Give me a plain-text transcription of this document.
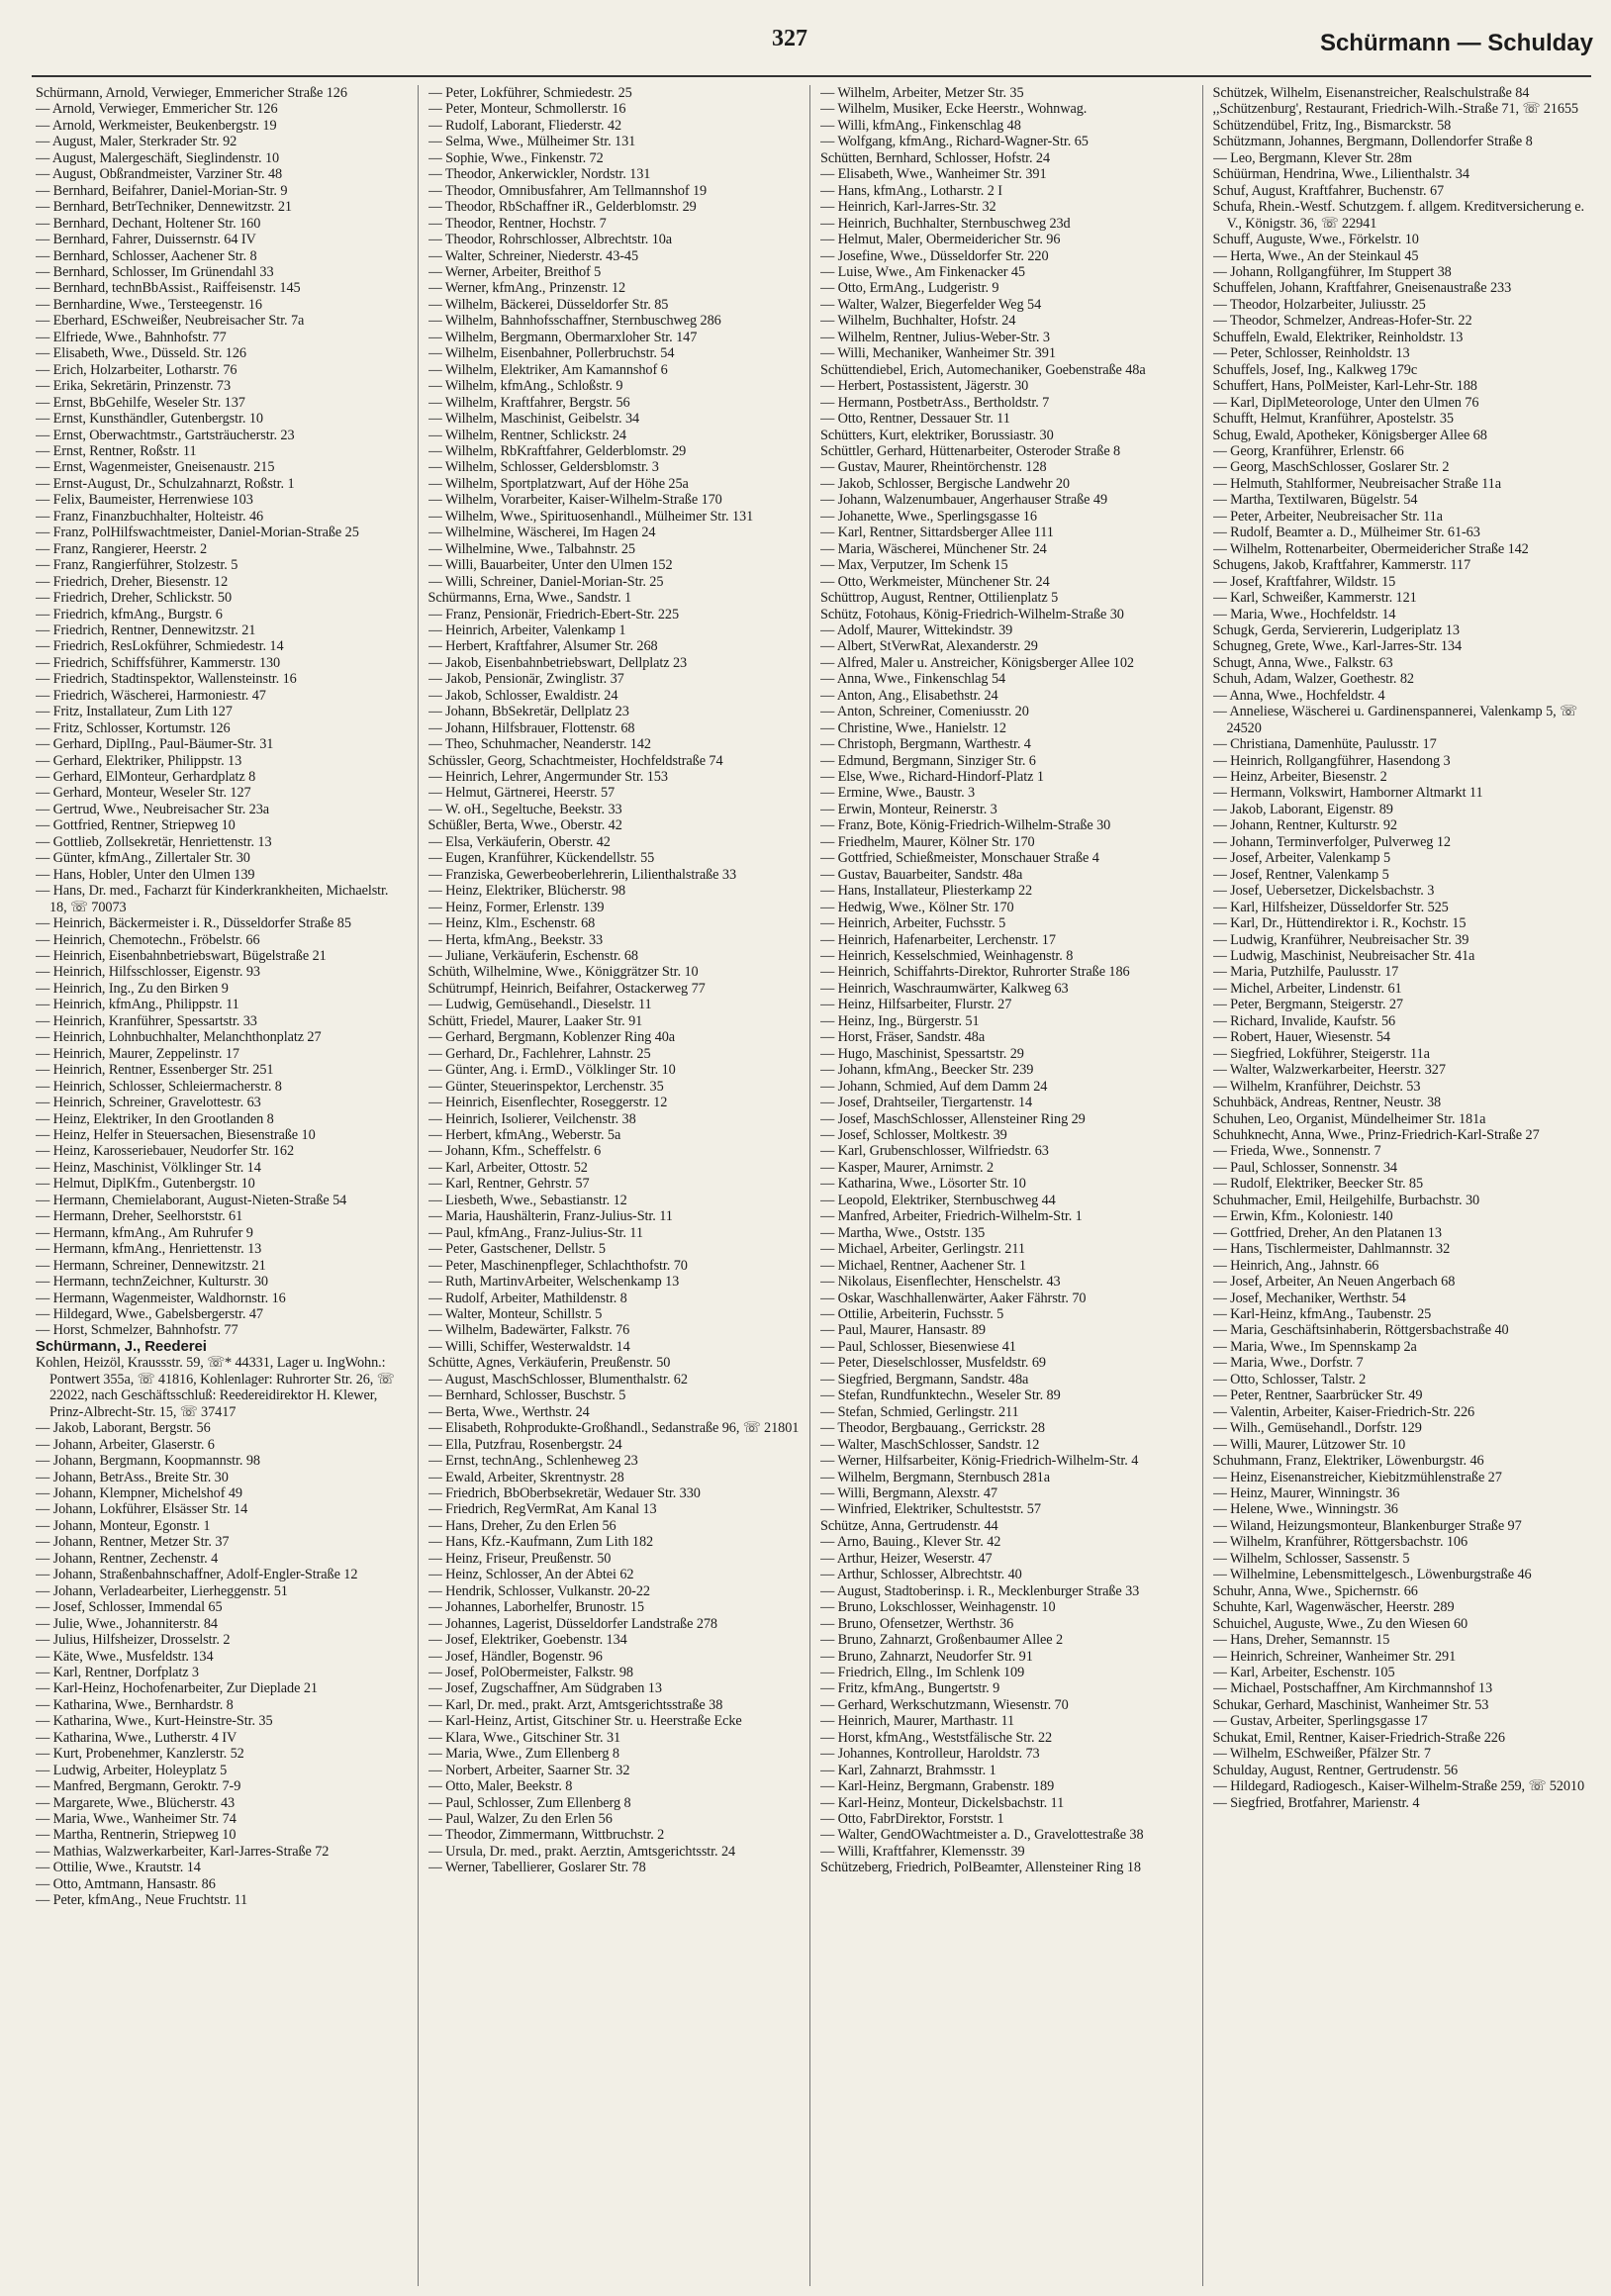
327	Schürmann — Schulday
Schürmann, Arnold, Verwieger, Emmericher Straße 126
— Arnold, Verwieger, Emmericher Str. 126
— Arnold, Werkmeister, Beukenbergstr. 19
— August, Maler, Sterkrader Str. 92
— August, Malergeschäft, Sieglindenstr. 10
— August, Obßrandmeister, Varziner Str. 48
— Bernhard, Beifahrer, Daniel-Morian-Str. 9
— Bernhard, BetrTechniker, Dennewitzstr. 21
— Bernhard, Dechant, Holtener Str. 160
— Bernhard, Fahrer, Duissernstr. 64 IV
— Bernhard, Schlosser, Aachener Str. 8
— Bernhard, Schlosser, Im Grünendahl 33
— Bernhard, technBbAssist., Raiffeisenstr. 145
— Bernhardine, Wwe., Tersteegenstr. 16
— Eberhard, ESchweißer, Neubreisacher Str. 7a
— Elfriede, Wwe., Bahnhofstr. 77
— Elisabeth, Wwe., Düsseld. Str. 126
— Erich, Holzarbeiter, Lotharstr. 76
— Erika, Sekretärin, Prinzenstr. 73
— Ernst, BbGehilfe, Weseler Str. 137
— Ernst, Kunsthändler, Gutenbergstr. 10
— Ernst, Oberwachtmstr., Gartsträucherstr. 23
— Ernst, Rentner, Roßstr. 11
— Ernst, Wagenmeister, Gneisenaustr. 215
— Ernst-August, Dr., Schulzahnarzt, Roßstr. 1
— Felix, Baumeister, Herrenwiese 103
— Franz, Finanzbuchhalter, Holteistr. 46
— Franz, PolHilfswachtmeister, Daniel-Morian-Straße 25
— Franz, Rangierer, Heerstr. 2
— Franz, Rangierführer, Stolzestr. 5
— Friedrich, Dreher, Biesenstr. 12
— Friedrich, Dreher, Schlickstr. 50
— Friedrich, kfmAng., Burgstr. 6
— Friedrich, Rentner, Dennewitzstr. 21
— Friedrich, ResLokführer, Schmiedestr. 14
— Friedrich, Schiffsführer, Kammerstr. 130
— Friedrich, Stadtinspektor, Wallensteinstr. 16
— Friedrich, Wäscherei, Harmoniestr. 47
— Fritz, Installateur, Zum Lith 127
— Fritz, Schlosser, Kortumstr. 126
— Gerhard, DiplIng., Paul-Bäumer-Str. 31
— Gerhard, Elektriker, Philippstr. 13
— Gerhard, ElMonteur, Gerhardplatz 8
— Gerhard, Monteur, Weseler Str. 127
— Gertrud, Wwe., Neubreisacher Str. 23a
— Gottfried, Rentner, Striepweg 10
— Gottlieb, Zollsekretär, Henriettenstr. 13
— Günter, kfmAng., Zillertaler Str. 30
— Hans, Hobler, Unter den Ulmen 139
— Hans, Dr. med., Facharzt für Kinderkrankheiten, Michaelstr. 18, ☏ 70073
— Heinrich, Bäckermeister i. R., Düsseldorfer Straße 85
— Heinrich, Chemotechn., Fröbelstr. 66
— Heinrich, Eisenbahnbetriebswart, Bügelstraße 21
— Heinrich, Hilfsschlosser, Eigenstr. 93
— Heinrich, Ing., Zu den Birken 9
— Heinrich, kfmAng., Philippstr. 11
— Heinrich, Kranführer, Spessartstr. 33
— Heinrich, Lohnbuchhalter, Melanchthonplatz 27
— Heinrich, Maurer, Zeppelinstr. 17
— Heinrich, Rentner, Essenberger Str. 251
— Heinrich, Schlosser, Schleiermacherstr. 8
— Heinrich, Schreiner, Gravelottestr. 63
— Heinz, Elektriker, In den Grootlanden 8
— Heinz, Helfer in Steuersachen, Biesenstraße 10
— Heinz, Karosseriebauer, Neudorfer Str. 162
— Heinz, Maschinist, Völklinger Str. 14
— Helmut, DiplKfm., Gutenbergstr. 10
— Hermann, Chemielaborant, August-Nieten-Straße 54
— Hermann, Dreher, Seelhorststr. 61
— Hermann, kfmAng., Am Ruhrufer 9
— Hermann, kfmAng., Henriettenstr. 13
— Hermann, Schreiner, Dennewitzstr. 21
— Hermann, technZeichner, Kulturstr. 30
— Hermann, Wagenmeister, Waldhornstr. 16
— Hildegard, Wwe., Gabelsbergerstr. 47
— Horst, Schmelzer, Bahnhofstr. 77
Schürmann, J., Reederei
Kohlen, Heizöl, Kraussstr. 59, ☏* 44331, Lager u. IngWohn.: Pontwert 355a, ☏ 41816, Kohlenlager: Ruhrorter Str. 26, ☏ 22022, nach Geschäftsschluß: Reedereidirektor H. Klewer, Prinz-Albrecht-Str. 15, ☏ 37417
— Jakob, Laborant, Bergstr. 56
— Johann, Arbeiter, Glaserstr. 6
— Johann, Bergmann, Koopmannstr. 98
— Johann, BetrAss., Breite Str. 30
— Johann, Klempner, Michelshof 49
— Johann, Lokführer, Elsässer Str. 14
— Johann, Monteur, Egonstr. 1
— Johann, Rentner, Metzer Str. 37
— Johann, Rentner, Zechenstr. 4
— Johann, Straßenbahnschaffner, Adolf-Engler-Straße 12
— Johann, Verladearbeiter, Lierheggenstr. 51
— Josef, Schlosser, Immendal 65
— Julie, Wwe., Johanniterstr. 84
— Julius, Hilfsheizer, Drosselstr. 2
— Käte, Wwe., Musfeldstr. 134
— Karl, Rentner, Dorfplatz 3
— Karl-Heinz, Hochofenarbeiter, Zur Dieplade 21
— Katharina, Wwe., Bernhardstr. 8
— Katharina, Wwe., Kurt-Heinstre-Str. 35
— Katharina, Wwe., Lutherstr. 4 IV
— Kurt, Probenehmer, Kanzlerstr. 52
— Ludwig, Arbeiter, Holeyplatz 5
— Manfred, Bergmann, Geroktr. 7-9
— Margarete, Wwe., Blücherstr. 43
— Maria, Wwe., Wanheimer Str. 74
— Martha, Rentnerin, Striepweg 10
— Mathias, Walzwerkarbeiter, Karl-Jarres-Straße 72
— Ottilie, Wwe., Krautstr. 14
— Otto, Amtmann, Hansastr. 86
— Peter, kfmAng., Neue Fruchtstr. 11
— Peter, Lokführer, Schmiedestr. 25
— Peter, Monteur, Schmollerstr. 16
— Rudolf, Laborant, Fliederstr. 42
— Selma, Wwe., Mülheimer Str. 131
— Sophie, Wwe., Finkenstr. 72
— Theodor, Ankerwickler, Nordstr. 131
— Theodor, Omnibusfahrer, Am Tellmannshof 19
— Theodor, RbSchaffner iR., Gelderblomstr. 29
— Theodor, Rentner, Hochstr. 7
— Theodor, Rohrschlosser, Albrechtstr. 10a
— Walter, Schreiner, Niederstr. 43-45
— Werner, Arbeiter, Breithof 5
— Werner, kfmAng., Prinzenstr. 12
— Wilhelm, Bäckerei, Düsseldorfer Str. 85
— Wilhelm, Bahnhofsschaffner, Sternbuschweg 286
— Wilhelm, Bergmann, Obermarxloher Str. 147
— Wilhelm, Eisenbahner, Pollerbruchstr. 54
— Wilhelm, Elektriker, Am Kamannshof 6
— Wilhelm, kfmAng., Schloßstr. 9
— Wilhelm, Kraftfahrer, Bergstr. 56
— Wilhelm, Maschinist, Geibelstr. 34
— Wilhelm, Rentner, Schlickstr. 24
— Wilhelm, RbKraftfahrer, Gelderblomstr. 29
— Wilhelm, Schlosser, Geldersblomstr. 3
— Wilhelm, Sportplatzwart, Auf der Höhe 25a
— Wilhelm, Vorarbeiter, Kaiser-Wilhelm-Straße 170
— Wilhelm, Wwe., Spirituosenhandl., Mülheimer Str. 131
— Wilhelmine, Wäscherei, Im Hagen 24
— Wilhelmine, Wwe., Talbahnstr. 25
— Willi, Bauarbeiter, Unter den Ulmen 152
— Willi, Schreiner, Daniel-Morian-Str. 25
Schürmanns, Erna, Wwe., Sandstr. 1
— Franz, Pensionär, Friedrich-Ebert-Str. 225
— Heinrich, Arbeiter, Valenkamp 1
— Herbert, Kraftfahrer, Alsumer Str. 268
— Jakob, Eisenbahnbetriebswart, Dellplatz 23
— Jakob, Pensionär, Zwinglistr. 37
— Jakob, Schlosser, Ewaldistr. 24
— Johann, BbSekretär, Dellplatz 23
— Johann, Hilfsbrauer, Flottenstr. 68
— Theo, Schuhmacher, Neanderstr. 142
Schüssler, Georg, Schachtmeister, Hochfeldstraße 74
— Heinrich, Lehrer, Angermunder Str. 153
— Helmut, Gärtnerei, Heerstr. 57
— W. oH., Segeltuche, Beekstr. 33
Schüßler, Berta, Wwe., Oberstr. 42
— Elsa, Verkäuferin, Oberstr. 42
— Eugen, Kranführer, Kückendellstr. 55
— Franziska, Gewerbeoberlehrerin, Lilienthalstraße 33
— Heinz, Elektriker, Blücherstr. 98
— Heinz, Former, Erlenstr. 139
— Heinz, Klm., Eschenstr. 68
— Herta, kfmAng., Beekstr. 33
— Juliane, Verkäuferin, Eschenstr. 68
Schüth, Wilhelmine, Wwe., Königgrätzer Str. 10
Schütrumpf, Heinrich, Beifahrer, Ostackerweg 77
— Ludwig, Gemüsehandl., Dieselstr. 11
Schütt, Friedel, Maurer, Laaker Str. 91
— Gerhard, Bergmann, Koblenzer Ring 40a
— Gerhard, Dr., Fachlehrer, Lahnstr. 25
— Günter, Ang. i. ErmD., Völklinger Str. 10
— Günter, Steuerinspektor, Lerchenstr. 35
— Heinrich, Eisenflechter, Roseggerstr. 12
— Heinrich, Isolierer, Veilchenstr. 38
— Herbert, kfmAng., Weberstr. 5a
— Johann, Kfm., Scheffelstr. 6
— Karl, Arbeiter, Ottostr. 52
— Karl, Rentner, Gehrstr. 57
— Liesbeth, Wwe., Sebastianstr. 12
— Maria, Haushälterin, Franz-Julius-Str. 11
— Paul, kfmAng., Franz-Julius-Str. 11
— Peter, Gastschener, Dellstr. 5
— Peter, Maschinenpfleger, Schlachthofstr. 70
— Ruth, MartinvArbeiter, Welschenkamp 13
— Rudolf, Arbeiter, Mathildenstr. 8
— Walter, Monteur, Schillstr. 5
— Wilhelm, Badewärter, Falkstr. 76
— Willi, Schiffer, Westerwaldstr. 14
Schütte, Agnes, Verkäuferin, Preußenstr. 50
— August, MaschSchlosser, Blumenthalstr. 62
— Bernhard, Schlosser, Buschstr. 5
— Berta, Wwe., Werthstr. 24
— Elisabeth, Rohprodukte-Großhandl., Sedanstraße 96, ☏ 21801
— Ella, Putzfrau, Rosenbergstr. 24
— Ernst, technAng., Schlenheweg 23
— Ewald, Arbeiter, Skrentnystr. 28
— Friedrich, BbOberbsekretär, Wedauer Str. 330
— Friedrich, RegVermRat, Am Kanal 13
— Hans, Dreher, Zu den Erlen 56
— Hans, Kfz.-Kaufmann, Zum Lith 182
— Heinz, Friseur, Preußenstr. 50
— Heinz, Schlosser, An der Abtei 62
— Hendrik, Schlosser, Vulkanstr. 20-22
— Johannes, Laborhelfer, Brunostr. 15
— Johannes, Lagerist, Düsseldorfer Landstraße 278
— Josef, Elektriker, Goebenstr. 134
— Josef, Händler, Bogenstr. 96
— Josef, PolObermeister, Falkstr. 98
— Josef, Zugschaffner, Am Südgraben 13
— Karl, Dr. med., prakt. Arzt, Amtsgerichtsstraße 38
— Karl-Heinz, Artist, Gitschiner Str. u. Heerstraße Ecke
— Klara, Wwe., Gitschiner Str. 31
— Maria, Wwe., Zum Ellenberg 8
— Norbert, Arbeiter, Saarner Str. 32
— Otto, Maler, Beekstr. 8
— Paul, Schlosser, Zum Ellenberg 8
— Paul, Walzer, Zu den Erlen 56
— Theodor, Zimmermann, Wittbruchstr. 2
— Ursula, Dr. med., prakt. Aerztin, Amtsgerichtsstr. 24
— Werner, Tabellierer, Goslarer Str. 78
— Wilhelm, Arbeiter, Metzer Str. 35
— Wilhelm, Musiker, Ecke Heerstr., Wohnwag.
— Willi, kfmAng., Finkenschlag 48
— Wolfgang, kfmAng., Richard-Wagner-Str. 65
Schütten, Bernhard, Schlosser, Hofstr. 24
— Elisabeth, Wwe., Wanheimer Str. 391
— Hans, kfmAng., Lotharstr. 2 I
— Heinrich, Karl-Jarres-Str. 32
— Heinrich, Buchhalter, Sternbuschweg 23d
— Helmut, Maler, Obermeidericher Str. 96
— Josefine, Wwe., Düsseldorfer Str. 220
— Luise, Wwe., Am Finkenacker 45
— Otto, ErmAng., Ludgeristr. 9
— Walter, Walzer, Biegerfelder Weg 54
— Wilhelm, Buchhalter, Hofstr. 24
— Wilhelm, Rentner, Julius-Weber-Str. 3
— Willi, Mechaniker, Wanheimer Str. 391
Schüttendiebel, Erich, Automechaniker, Goebenstraße 48a
— Herbert, Postassistent, Jägerstr. 30
— Hermann, PostbetrAss., Bertholdstr. 7
— Otto, Rentner, Dessauer Str. 11
Schütters, Kurt, elektriker, Borussiastr. 30
Schüttler, Gerhard, Hüttenarbeiter, Osteroder Straße 8
— Gustav, Maurer, Rheintörchenstr. 128
— Jakob, Schlosser, Bergische Landwehr 20
— Johann, Walzenumbauer, Angerhauser Straße 49
— Johanette, Wwe., Sperlingsgasse 16
— Karl, Rentner, Sittardsberger Allee 111
— Maria, Wäscherei, Münchener Str. 24
— Max, Verputzer, Im Schenk 15
— Otto, Werkmeister, Münchener Str. 24
Schüttrop, August, Rentner, Ottilienplatz 5
Schütz, Fotohaus, König-Friedrich-Wilhelm-Straße 30
— Adolf, Maurer, Wittekindstr. 39
— Albert, StVerwRat, Alexanderstr. 29
— Alfred, Maler u. Anstreicher, Königsberger Allee 102
— Anna, Wwe., Finkenschlag 54
— Anton, Ang., Elisabethstr. 24
— Anton, Schreiner, Comeniusstr. 20
— Christine, Wwe., Hanielstr. 12
— Christoph, Bergmann, Warthestr. 4
— Edmund, Bergmann, Sinziger Str. 6
— Else, Wwe., Richard-Hindorf-Platz 1
— Ermine, Wwe., Baustr. 3
— Erwin, Monteur, Reinerstr. 3
— Franz, Bote, König-Friedrich-Wilhelm-Straße 30
— Friedhelm, Maurer, Kölner Str. 170
— Gottfried, Schießmeister, Monschauer Straße 4
— Gustav, Bauarbeiter, Sandstr. 48a
— Hans, Installateur, Pliesterkamp 22
— Hedwig, Wwe., Kölner Str. 170
— Heinrich, Arbeiter, Fuchsstr. 5
— Heinrich, Hafenarbeiter, Lerchenstr. 17
— Heinrich, Kesselschmied, Weinhagenstr. 8
— Heinrich, Schiffahrts-Direktor, Ruhrorter Straße 186
— Heinrich, Waschraumwärter, Kalkweg 63
— Heinz, Hilfsarbeiter, Flurstr. 27
— Heinz, Ing., Bürgerstr. 51
— Horst, Fräser, Sandstr. 48a
— Hugo, Maschinist, Spessartstr. 29
— Johann, kfmAng., Beecker Str. 239
— Johann, Schmied, Auf dem Damm 24
— Josef, Drahtseiler, Tiergartenstr. 14
— Josef, MaschSchlosser, Allensteiner Ring 29
— Josef, Schlosser, Moltkestr. 39
— Karl, Grubenschlosser, Wilfriedstr. 63
— Kasper, Maurer, Arnimstr. 2
— Katharina, Wwe., Lösorter Str. 10
— Leopold, Elektriker, Sternbuschweg 44
— Manfred, Arbeiter, Friedrich-Wilhelm-Str. 1
— Martha, Wwe., Oststr. 135
— Michael, Arbeiter, Gerlingstr. 211
— Michael, Rentner, Aachener Str. 1
— Nikolaus, Eisenflechter, Henschelstr. 43
— Oskar, Waschhallenwärter, Aaker Fährstr. 70
— Ottilie, Arbeiterin, Fuchsstr. 5
— Paul, Maurer, Hansastr. 89
— Paul, Schlosser, Biesenwiese 41
— Peter, Dieselschlosser, Musfeldstr. 69
— Siegfried, Bergmann, Sandstr. 48a
— Stefan, Rundfunktechn., Weseler Str. 89
— Stefan, Schmied, Gerlingstr. 211
— Theodor, Bergbauang., Gerrickstr. 28
— Walter, MaschSchlosser, Sandstr. 12
— Werner, Hilfsarbeiter, König-Friedrich-Wilhelm-Str. 4
— Wilhelm, Bergmann, Sternbusch 281a
— Willi, Bergmann, Alexstr. 47
— Winfried, Elektriker, Schulteststr. 57
Schütze, Anna, Gertrudenstr. 44
— Arno, Bauing., Klever Str. 42
— Arthur, Heizer, Weserstr. 47
— Arthur, Schlosser, Albrechtstr. 40
— August, Stadtoberinsp. i. R., Mecklenburger Straße 33
— Bruno, Lokschlosser, Weinhagenstr. 10
— Bruno, Ofensetzer, Werthstr. 36
— Bruno, Zahnarzt, Großenbaumer Allee 2
— Bruno, Zahnarzt, Neudorfer Str. 91
— Friedrich, Ellng., Im Schlenk 109
— Fritz, kfmAng., Bungertstr. 9
— Gerhard, Werkschutzmann, Wiesenstr. 70
— Heinrich, Maurer, Marthastr. 11
— Horst, kfmAng., Weststfälische Str. 22
— Johannes, Kontrolleur, Haroldstr. 73
— Karl, Zahnarzt, Brahmsstr. 1
— Karl-Heinz, Bergmann, Grabenstr. 189
— Karl-Heinz, Monteur, Dickelsbachstr. 11
— Otto, FabrDirektor, Forststr. 1
— Walter, GendOWachtmeister a. D., Gravelottestraße 38
— Willi, Kraftfahrer, Klemensstr. 39
Schützeberg, Friedrich, PolBeamter, Allensteiner Ring 18
Schützek, Wilhelm, Eisenanstreicher, Realschulstraße 84
,,Schützenburg', Restaurant, Friedrich-Wilh.-Straße 71, ☏ 21655
Schützendübel, Fritz, Ing., Bismarckstr. 58
Schützmann, Johannes, Bergmann, Dollendorfer Straße 8
— Leo, Bergmann, Klever Str. 28m
Schüürman, Hendrina, Wwe., Lilienthalstr. 34
Schuf, August, Kraftfahrer, Buchenstr. 67
Schufa, Rhein.-Westf. Schutzgem. f. allgem. Kreditversicherung e. V., Königstr. 36, ☏ 22941
Schuff, Auguste, Wwe., Förkelstr. 10
— Herta, Wwe., An der Steinkaul 45
— Johann, Rollgangführer, Im Stuppert 38
Schuffelen, Johann, Kraftfahrer, Gneisenaustraße 233
— Theodor, Holzarbeiter, Juliusstr. 25
— Theodor, Schmelzer, Andreas-Hofer-Str. 22
Schuffeln, Ewald, Elektriker, Reinholdstr. 13
— Peter, Schlosser, Reinholdstr. 13
Schuffels, Josef, Ing., Kalkweg 179c
Schuffert, Hans, PolMeister, Karl-Lehr-Str. 188
— Karl, DiplMeteorologe, Unter den Ulmen 76
Schufft, Helmut, Kranführer, Apostelstr. 35
Schug, Ewald, Apotheker, Königsberger Allee 68
— Georg, Kranführer, Erlenstr. 66
— Georg, MaschSchlosser, Goslarer Str. 2
— Helmuth, Stahlformer, Neubreisacher Straße 11a
— Martha, Textilwaren, Bügelstr. 54
— Peter, Arbeiter, Neubreisacher Str. 11a
— Rudolf, Beamter a. D., Mülheimer Str. 61-63
— Wilhelm, Rottenarbeiter, Obermeidericher Straße 142
Schugens, Jakob, Kraftfahrer, Kammerstr. 117
— Josef, Kraftfahrer, Wildstr. 15
— Karl, Schweißer, Kammerstr. 121
— Maria, Wwe., Hochfeldstr. 14
Schugk, Gerda, Serviererin, Ludgeriplatz 13
Schugneg, Grete, Wwe., Karl-Jarres-Str. 134
Schugt, Anna, Wwe., Falkstr. 63
Schuh, Adam, Walzer, Goethestr. 82
— Anna, Wwe., Hochfeldstr. 4
— Anneliese, Wäscherei u. Gardinenspannerei, Valenkamp 5, ☏ 24520
— Christiana, Damenhüte, Paulusstr. 17
— Heinrich, Rollgangführer, Hasendong 3
— Heinz, Arbeiter, Biesenstr. 2
— Hermann, Volkswirt, Hamborner Altmarkt 11
— Jakob, Laborant, Eigenstr. 89
— Johann, Rentner, Kulturstr. 92
— Johann, Terminverfolger, Pulverweg 12
— Josef, Arbeiter, Valenkamp 5
— Josef, Rentner, Valenkamp 5
— Josef, Uebersetzer, Dickelsbachstr. 3
— Karl, Hilfsheizer, Düsseldorfer Str. 525
— Karl, Dr., Hüttendirektor i. R., Kochstr. 15
— Ludwig, Kranführer, Neubreisacher Str. 39
— Ludwig, Maschinist, Neubreisacher Str. 41a
— Maria, Putzhilfe, Paulusstr. 17
— Michel, Arbeiter, Lindenstr. 61
— Peter, Bergmann, Steigerstr. 27
— Richard, Invalide, Kaufstr. 56
— Robert, Hauer, Wiesenstr. 54
— Siegfried, Lokführer, Steigerstr. 11a
— Walter, Walzwerkarbeiter, Heerstr. 327
— Wilhelm, Kranführer, Deichstr. 53
Schuhbäck, Andreas, Rentner, Neustr. 38
Schuhen, Leo, Organist, Mündelheimer Str. 181a
Schuhknecht, Anna, Wwe., Prinz-Friedrich-Karl-Straße 27
— Frieda, Wwe., Sonnenstr. 7
— Paul, Schlosser, Sonnenstr. 34
— Rudolf, Elektriker, Beecker Str. 85
Schuhmacher, Emil, Heilgehilfe, Burbachstr. 30
— Erwin, Kfm., Koloniestr. 140
— Gottfried, Dreher, An den Platanen 13
— Hans, Tischlermeister, Dahlmannstr. 32
— Heinrich, Ang., Jahnstr. 66
— Josef, Arbeiter, An Neuen Angerbach 68
— Josef, Mechaniker, Werthstr. 54
— Karl-Heinz, kfmAng., Taubenstr. 25
— Maria, Geschäftsinhaberin, Röttgersbachstraße 40
— Maria, Wwe., Im Spennskamp 2a
— Maria, Wwe., Dorfstr. 7
— Otto, Schlosser, Talstr. 2
— Peter, Rentner, Saarbrücker Str. 49
— Valentin, Arbeiter, Kaiser-Friedrich-Str. 226
— Wilh., Gemüsehandl., Dorfstr. 129
— Willi, Maurer, Lützower Str. 10
Schuhmann, Franz, Elektriker, Löwenburgstr. 46
— Heinz, Eisenanstreicher, Kiebitzmühlenstraße 27
— Heinz, Maurer, Winningstr. 36
— Helene, Wwe., Winningstr. 36
— Wiland, Heizungsmonteur, Blankenburger Straße 97
— Wilhelm, Kranführer, Röttgersbachstr. 106
— Wilhelm, Schlosser, Sassenstr. 5
— Wilhelmine, Lebensmittelgesch., Löwenburgstraße 46
Schuhr, Anna, Wwe., Spichernstr. 66
Schuhte, Karl, Wagenwäscher, Heerstr. 289
Schuichel, Auguste, Wwe., Zu den Wiesen 60
— Hans, Dreher, Semannstr. 15
— Heinrich, Schreiner, Wanheimer Str. 291
— Karl, Arbeiter, Eschenstr. 105
— Michael, Postschaffner, Am Kirchmannshof 13
Schukar, Gerhard, Maschinist, Wanheimer Str. 53
— Gustav, Arbeiter, Sperlingsgasse 17
Schukat, Emil, Rentner, Kaiser-Friedrich-Straße 226
— Wilhelm, ESchweißer, Pfälzer Str. 7
Schulday, August, Rentner, Gertrudenstr. 56
— Hildegard, Radiogesch., Kaiser-Wilhelm-Straße 259, ☏ 52010
— Siegfried, Brotfahrer, Marienstr. 4
